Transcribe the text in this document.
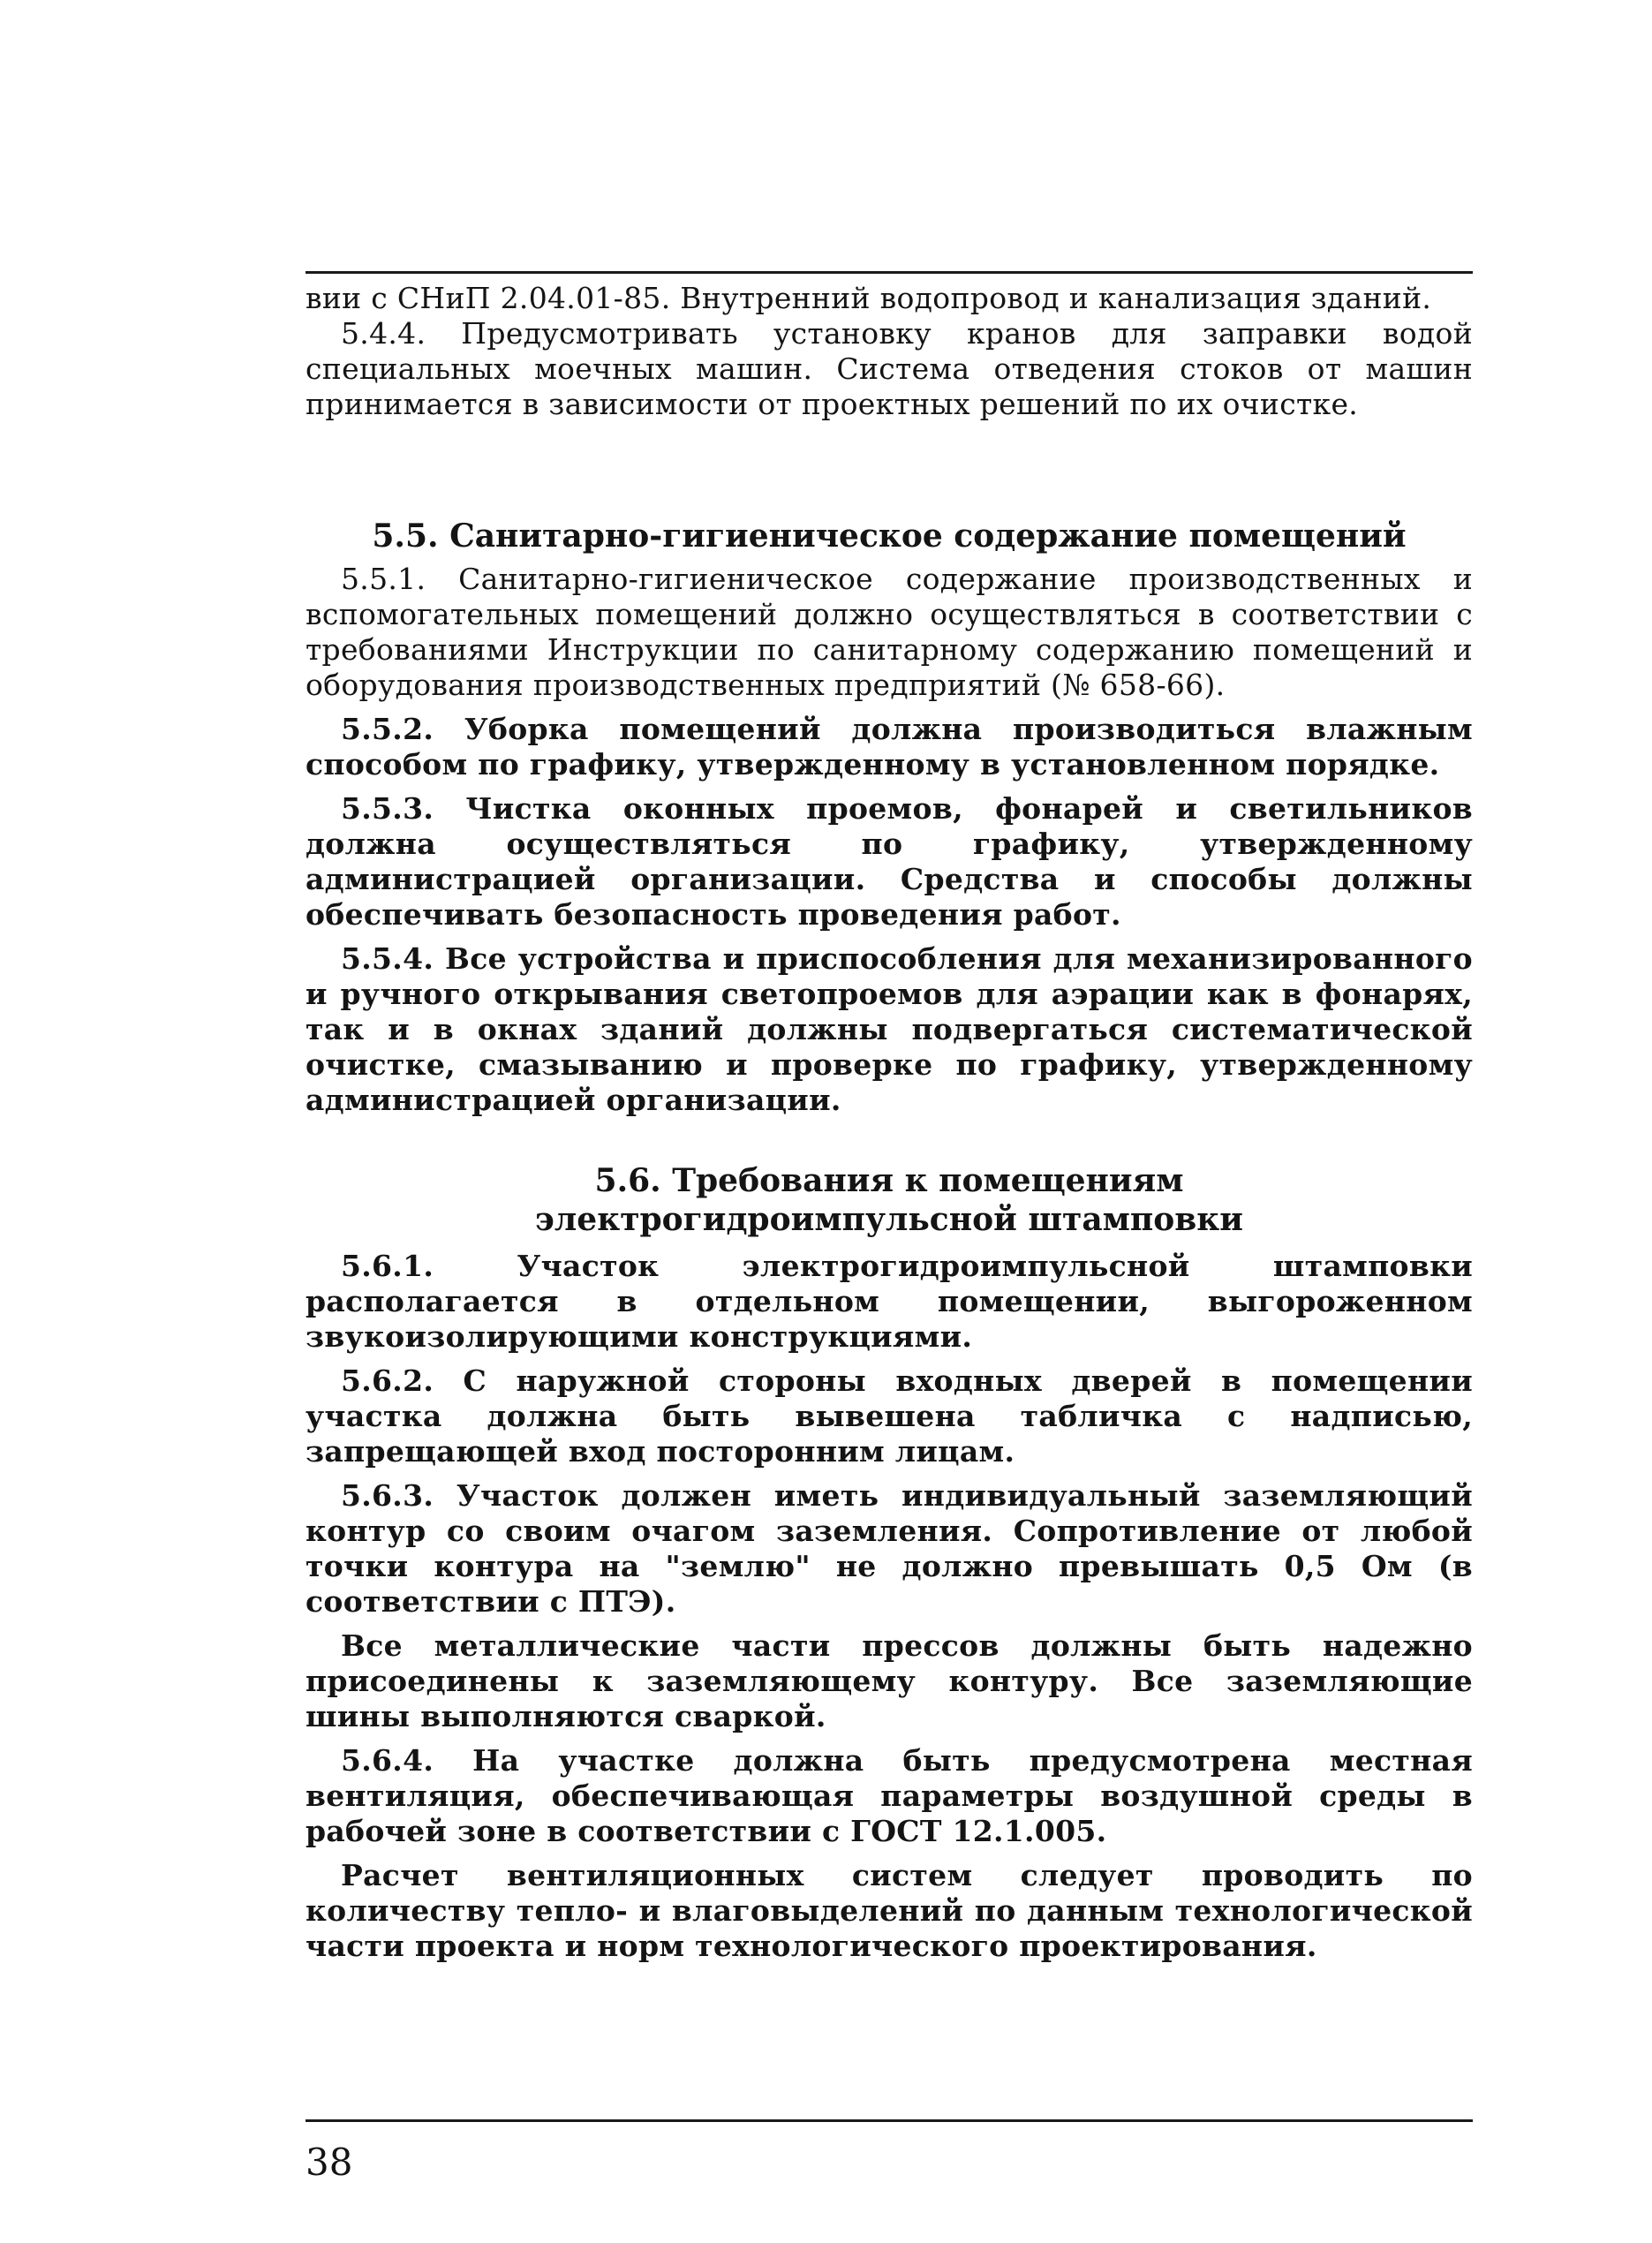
вии с СНиП 2.04.01-85. Внутренний водопровод и канализация зданий.

5.4.4. Предусмотривать установку кранов для заправки водой специальных моечных машин. Система отведения стоков от машин принимается в зависимости от проектных решений по их очистке.

5.5. Санитарно-гигиеническое содержание помещений

5.5.1. Санитарно-гигиеническое содержание производственных и вспомогательных помещений должно осуществляться в соответствии с требованиями Инструкции по санитарному содержанию помещений и оборудования производственных предприятий (№ 658-66).

5.5.2. Уборка помещений должна производиться влажным способом по графику, утвержденному в установленном порядке.

5.5.3. Чистка оконных проемов, фонарей и светильников должна осуществляться по графику, утвержденному администрацией организации. Средства и способы должны обеспечивать безопасность проведения работ.

5.5.4. Все устройства и приспособления для механизированного и ручного открывания светопроемов для аэрации как в фонарях, так и в окнах зданий должны подвергаться систематической очистке, смазыванию и проверке по графику, утвержденному администрацией организации.

5.6. Требования к помещениям

электрогидроимпульсной штамповки

5.6.1. Участок электрогидроимпульсной штамповки располагается в отдельном помещении, выгороженном звукоизолирующими конструкциями.

5.6.2. С наружной стороны входных дверей в помещении участка должна быть вывешена табличка с надписью, запрещающей вход посторонним лицам.

5.6.3. Участок должен иметь индивидуальный заземляющий контур со своим очагом заземления. Сопротивление от любой точки контура на "землю" не должно превышать 0,5 Ом (в соответствии с ПТЭ).

Все металлические части прессов должны быть надежно присоединены к заземляющему контуру. Все заземляющие шины выполняются сваркой.

5.6.4. На участке должна быть предусмотрена местная вентиляция, обеспечивающая параметры воздушной среды в рабочей зоне в соответствии с ГОСТ 12.1.005.

Расчет вентиляционных систем следует проводить по количеству тепло- и влаговыделений по данным технологической части проекта и норм технологического проектирования.

38
